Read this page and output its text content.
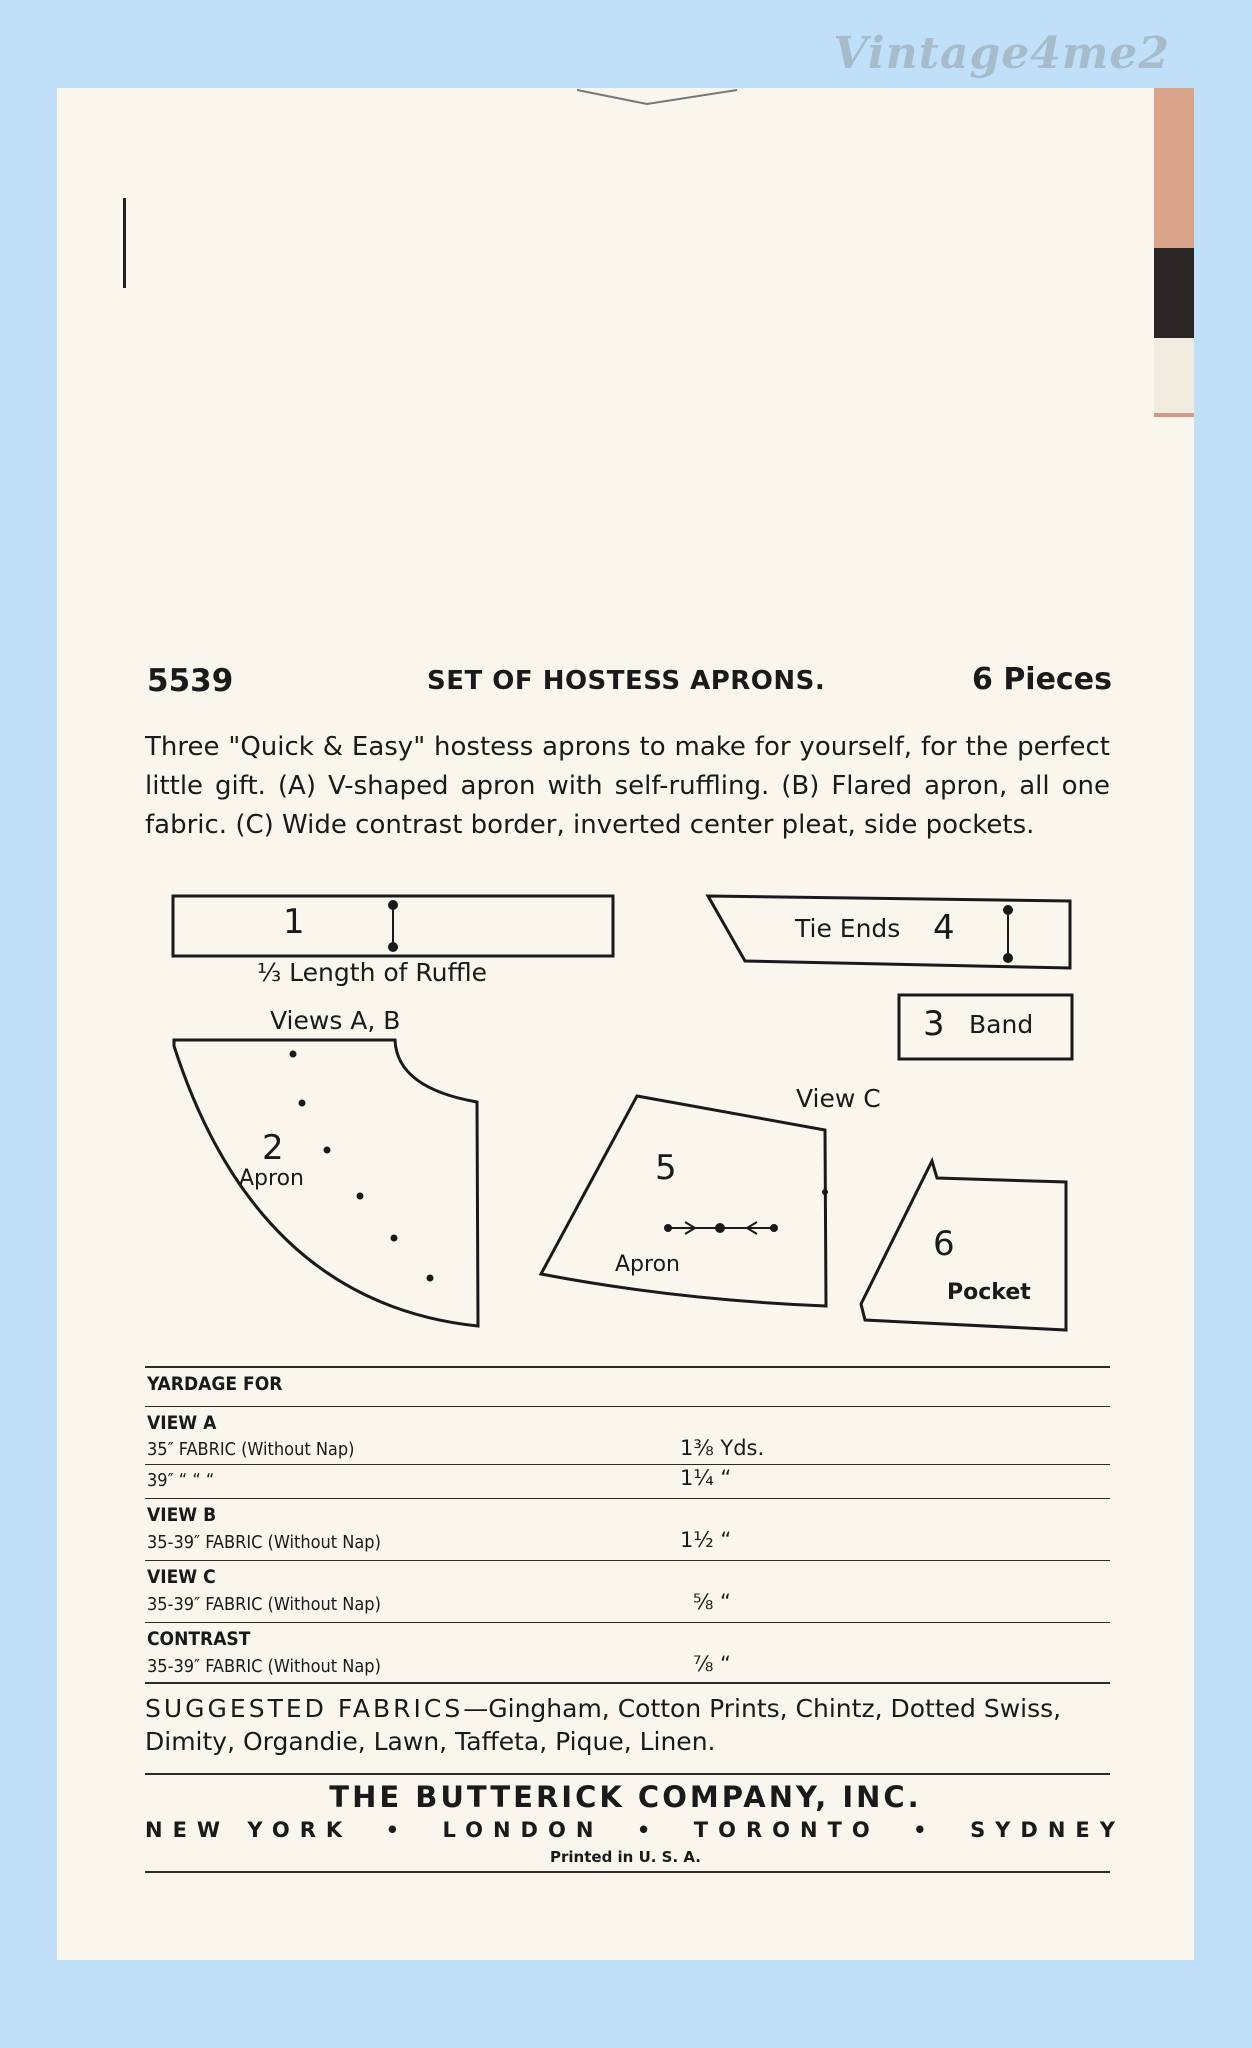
Vintage4me2
5539	SET OF HOSTESS APRONS.	6 Pieces
Three "Quick & Easy" hostess aprons to make for yourself, for the perfect little gift. (A) V-shaped apron with self-ruffling. (B) Flared apron, all one fabric. (C) Wide contrast border, inverted center pleat, side pockets.
1
⅓ Length of Ruffle
Tie Ends 4
3 Band
Views A, B
2
Apron
View C
5
Apron
6
Pocket
YARDAGE FOR
VIEW A
35″ FABRIC (Without Nap)	1⅜ Yds.
39″ “ “ “	1¼ “
VIEW B
35-39″ FABRIC (Without Nap)	1½ “
VIEW C
35-39″ FABRIC (Without Nap)	⅝ “
CONTRAST
35-39″ FABRIC (Without Nap)	⅞ “
SUGGESTED FABRICS—Gingham, Cotton Prints, Chintz, Dotted Swiss, Dimity, Organdie, Lawn, Taffeta, Pique, Linen.
THE BUTTERICK COMPANY, INC.
NEW YORK • LONDON • TORONTO • SYDNEY
Printed in U. S. A.
